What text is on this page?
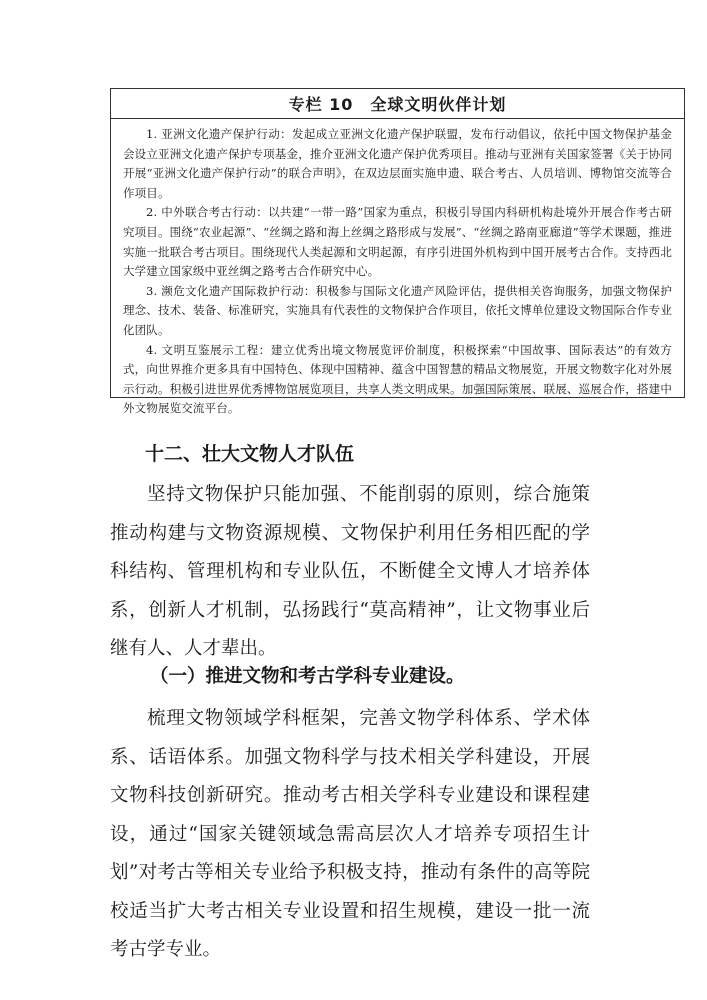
专栏 10　全球文明伙伴计划

1. 亚洲文化遗产保护行动：发起成立亚洲文化遗产保护联盟，发布行动倡议，依托中国文物保护基金会设立亚洲文化遗产保护专项基金，推介亚洲文化遗产保护优秀项目。推动与亚洲有关国家签署《关于协同开展“亚洲文化遗产保护行动”的联合声明》，在双边层面实施申遗、联合考古、人员培训、博物馆交流等合作项目。

2. 中外联合考古行动：以共建“一带一路”国家为重点，积极引导国内科研机构赴境外开展合作考古研究项目。围绕“农业起源”、“丝绸之路和海上丝绸之路形成与发展”、“丝绸之路南亚廊道”等学术课题，推进实施一批联合考古项目。围绕现代人类起源和文明起源，有序引进国外机构到中国开展考古合作。支持西北大学建立国家级中亚丝绸之路考古合作研究中心。

3. 濒危文化遗产国际救护行动：积极参与国际文化遗产风险评估，提供相关咨询服务，加强文物保护理念、技术、装备、标准研究，实施具有代表性的文物保护合作项目，依托文博单位建设文物国际合作专业化团队。

4. 文明互鉴展示工程：建立优秀出境文物展览评价制度，积极探索“中国故事、国际表达”的有效方式，向世界推介更多具有中国特色、体现中国精神、蕴含中国智慧的精品文物展览，开展文物数字化对外展示行动。积极引进世界优秀博物馆展览项目，共享人类文明成果。加强国际策展、联展、巡展合作，搭建中外文物展览交流平台。

十二、壮大文物人才队伍

坚持文物保护只能加强、不能削弱的原则，综合施策推动构建与文物资源规模、文物保护利用任务相匹配的学科结构、管理机构和专业队伍，不断健全文博人才培养体系，创新人才机制，弘扬践行“莫高精神”，让文物事业后继有人、人才辈出。

（一）推进文物和考古学科专业建设。

梳理文物领域学科框架，完善文物学科体系、学术体系、话语体系。加强文物科学与技术相关学科建设，开展文物科技创新研究。推动考古相关学科专业建设和课程建设，通过“国家关键领域急需高层次人才培养专项招生计划”对考古等相关专业给予积极支持，推动有条件的高等院校适当扩大考古相关专业设置和招生规模，建设一批一流考古学专业。
